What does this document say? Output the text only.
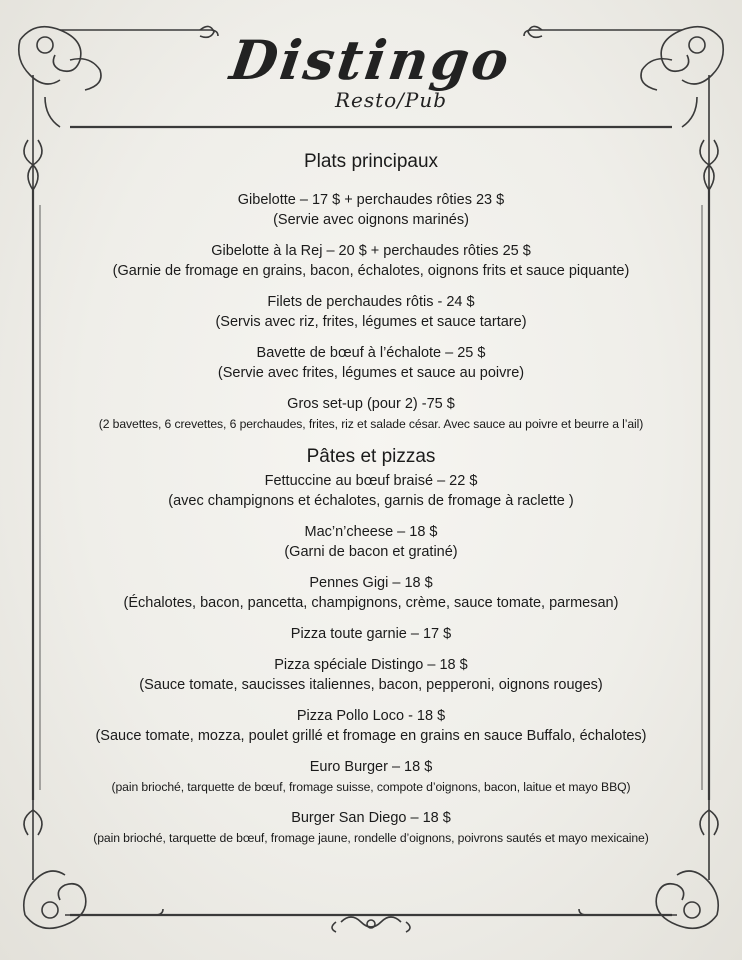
Distingo
Resto/Pub
Plats principaux
Gibelotte – 17 $ + perchaudes rôties 23 $
(Servie avec oignons marinés)
Gibelotte à la Rej – 20 $ + perchaudes rôties 25 $
(Garnie de fromage en grains, bacon, échalotes, oignons frits et sauce piquante)
Filets de perchaudes rôtis - 24 $
(Servis avec riz, frites, légumes et sauce tartare)
Bavette de bœuf à l’échalote – 25 $
(Servie avec frites, légumes et sauce au poivre)
Gros set-up (pour 2) -75 $
(2 bavettes, 6 crevettes, 6 perchaudes, frites, riz et salade césar. Avec sauce au poivre et beurre a l’ail)
Pâtes et pizzas
Fettuccine au bœuf braisé – 22 $
(avec champignons et échalotes, garnis de fromage à raclette )
Mac’n’cheese – 18 $
(Garni de bacon et gratiné)
Pennes Gigi – 18 $
(Échalotes, bacon, pancetta, champignons, crème, sauce tomate, parmesan)
Pizza toute garnie – 17 $
Pizza spéciale Distingo – 18 $
(Sauce tomate, saucisses italiennes, bacon, pepperoni, oignons rouges)
Pizza Pollo Loco - 18 $
(Sauce tomate, mozza, poulet grillé et fromage en grains en sauce Buffalo, échalotes)
Euro Burger – 18 $
(pain brioché, tarquette de bœuf, fromage suisse, compote d’oignons, bacon, laitue et mayo BBQ)
Burger San Diego – 18 $
(pain brioché, tarquette de bœuf, fromage jaune, rondelle d’oignons, poivrons sautés et mayo mexicaine)
